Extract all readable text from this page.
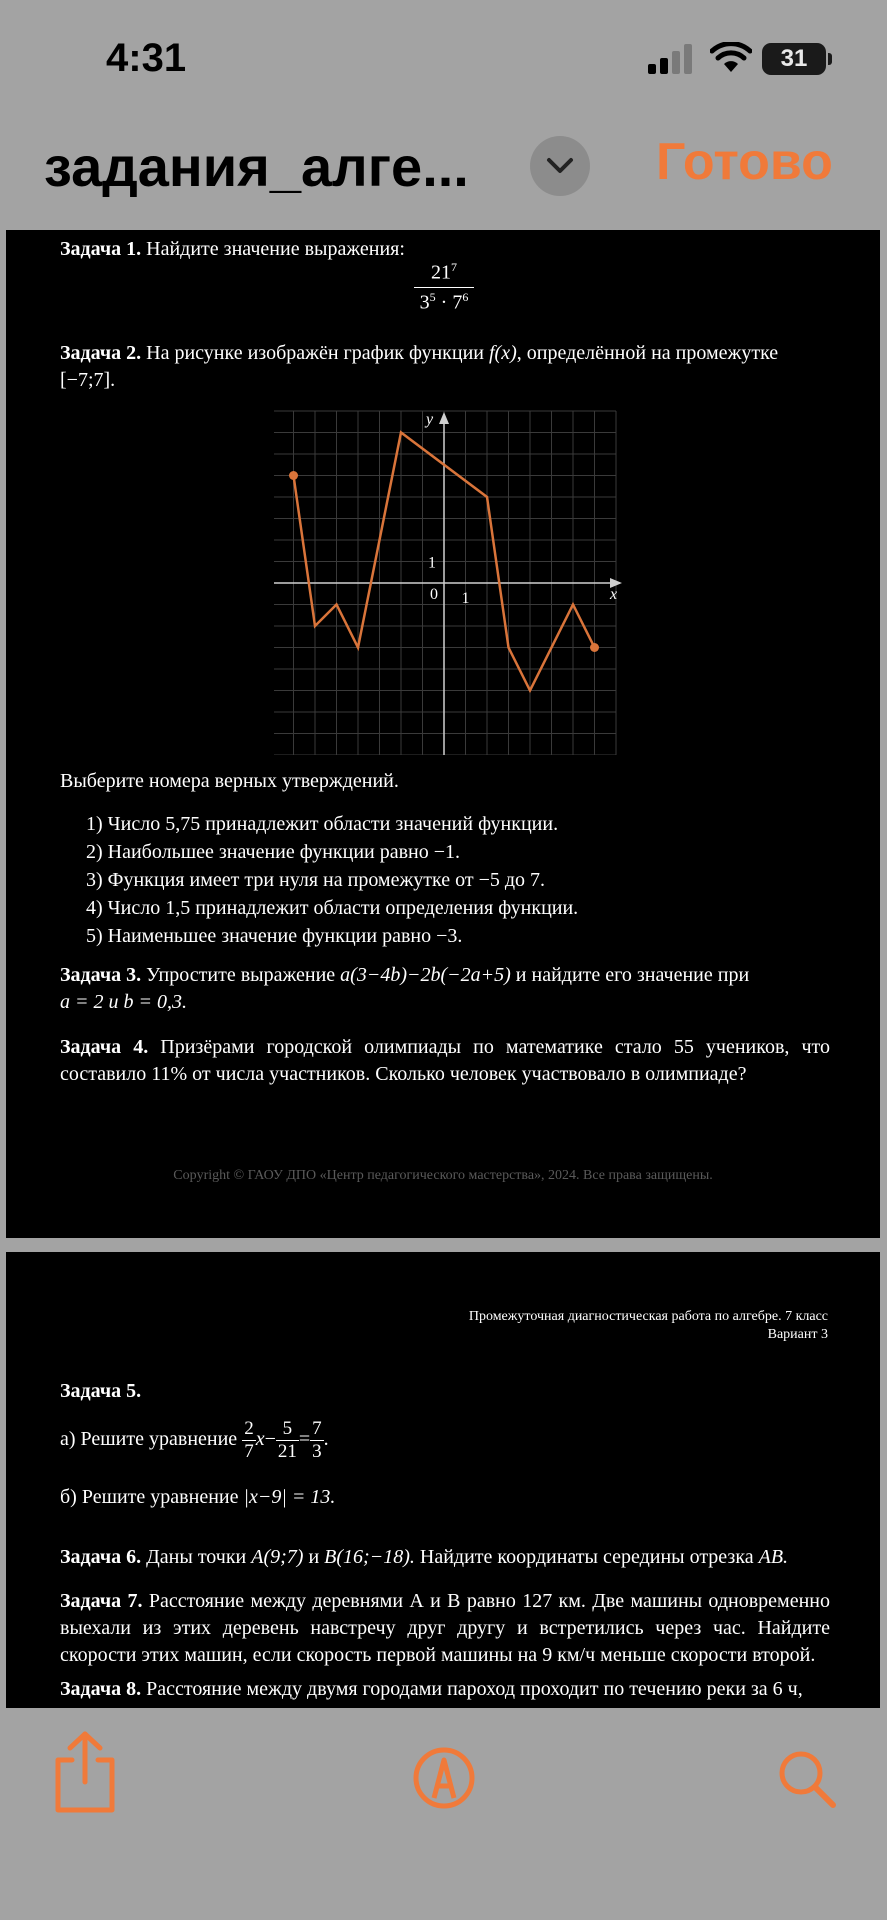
4:31	31
задания_алге...	Готово
Задача 1. Найдите значение выражения:
$\frac{21^7}{3^5 \cdot 7^6}$
Задача 2. На рисунке изображён график функции f(x), определённой на промежутке
[−7;7].
x
y
1
1
0
Выберите номера верных утверждений.
1) Число 5,75 принадлежит области значений функции.
2) Наибольшее значение функции равно −1.
3) Функция имеет три нуля на промежутке от −5 до 7.
4) Число 1,5 принадлежит области определения функции.
5) Наименьшее значение функции равно −3.
Задача 3. Упростите выражение a(3−4b)−2b(−2a+5) и найдите его значение при
a = 2 и b = 0,3.
Задача 4. Призёрами городской олимпиады по математике стало 55 учеников, что составило 11% от числа участников. Сколько человек участвовало в олимпиаде?
Copyright © ГАОУ ДПО «Центр педагогического мастерства», 2024. Все права защищены.
Промежуточная диагностическая работа по алгебре. 7 класс
Вариант 3
Задача 5.
а) Решите уравнение $\frac{2}{7} x- \frac{5}{21} = \frac{7}{3}$ .
б) Решите уравнение |x−9| = 13.
Задача 6. Даны точки A(9;7) и B(16;−18). Найдите координаты середины отрезка AB.
Задача 7. Расстояние между деревнями А и В равно 127 км. Две машины одновременно выехали из этих деревень навстречу друг другу и встретились через час. Найдите скорости этих машин, если скорость первой машины на 9 км/ч меньше скорости второй.
Задача 8. Расстояние между двумя городами пароход проходит по течению реки за 6 ч,
